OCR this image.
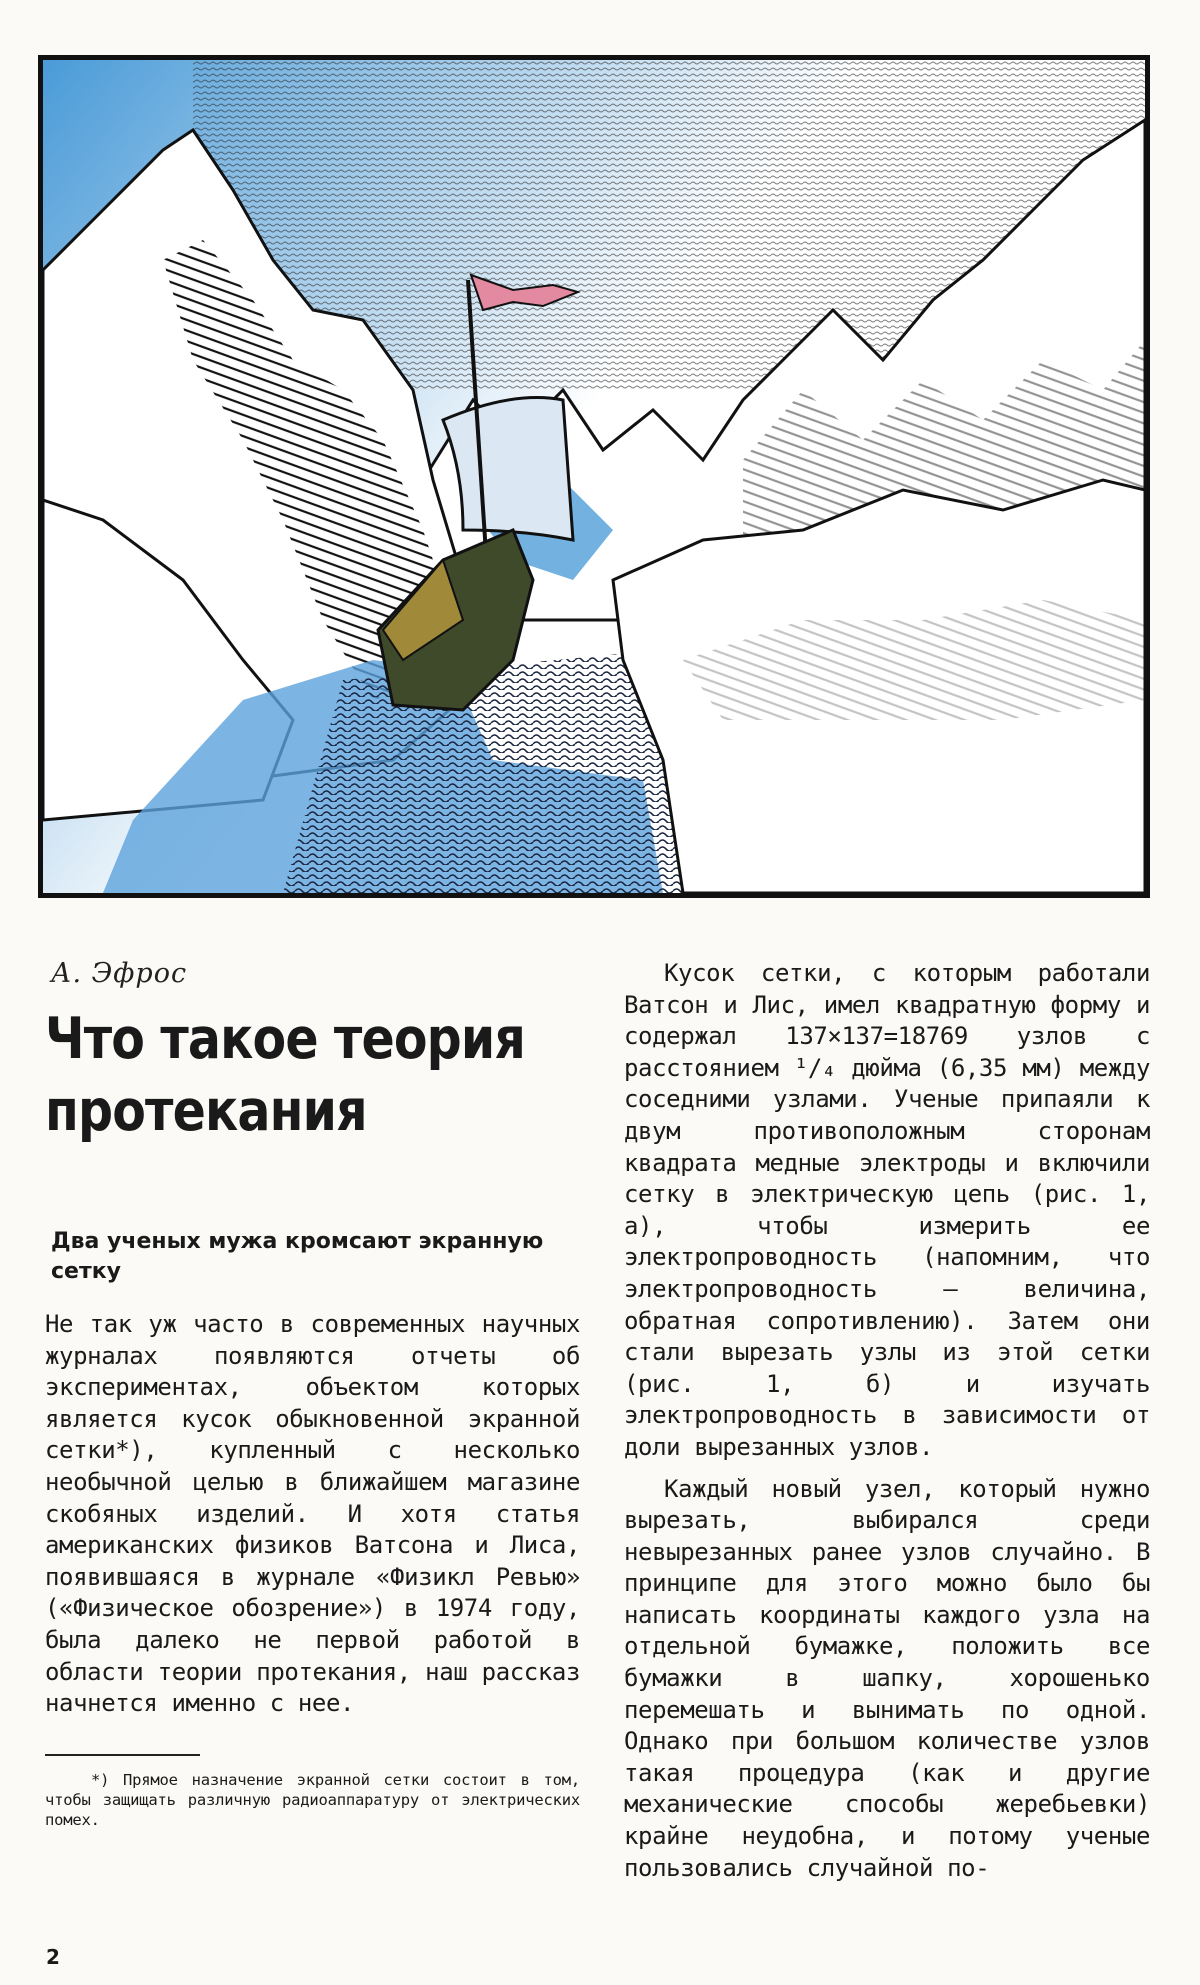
А. Эфрос

Что такое теория протекания
Два ученых мужа кромсают экранную сетку

Не так уж часто в современных научных журналах появляются отчеты об экспериментах, объектом которых является кусок обыкновенной экранной сетки*), купленный с несколько необычной целью в ближайшем магазине скобяных изделий. И хотя статья американских физиков Ватсона и Лиса, появившаяся в журнале «Физикл Ревью» («Физическое обозрение») в 1974 году, была далеко не первой работой в области теории протекания, наш рассказ начнется именно с нее.

*) Прямое назначение экранной сетки состоит в том, чтобы защищать различную радиоаппаратуру от электрических помех.

Кусок сетки, с которым работали Ватсон и Лис, имел квадратную форму и содержал 137×137=18769 узлов с расстоянием ¹/₄ дюйма (6,35 мм) между соседними узлами. Ученые припаяли к двум противоположным сторонам квадрата медные электроды и включили сетку в электрическую цепь (рис. 1, а), чтобы измерить ее электропроводность (напомним, что электропроводность — величина, обратная сопротивлению). Затем они стали вырезать узлы из этой сетки (рис. 1, б) и изучать электропроводность в зависимости от доли вырезанных узлов.

Каждый новый узел, который нужно вырезать, выбирался среди невырезанных ранее узлов случайно. В принципе для этого можно было бы написать координаты каждого узла на отдельной бумажке, положить все бумажки в шапку, хорошенько перемешать и вынимать по одной. Однако при большом количестве узлов такая процедура (как и другие механические способы жеребьевки) крайне неудобна, и потому ученые пользовались случайной по-

2
